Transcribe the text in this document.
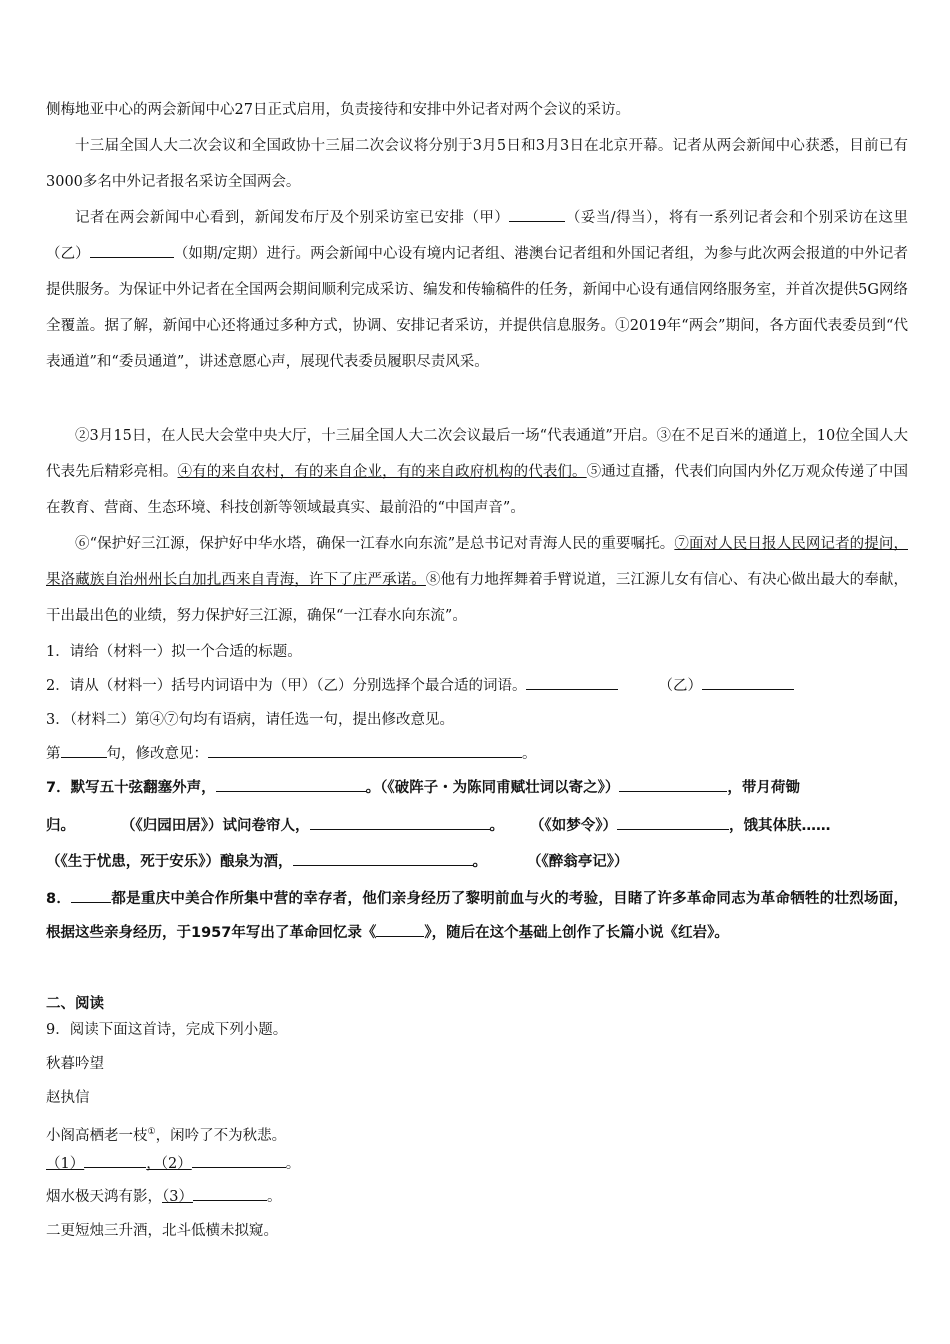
侧梅地亚中心的两会新闻中心27日正式启用，负责接待和安排中外记者对两个会议的采访。

十三届全国人大二次会议和全国政协十三届二次会议将分别于3月5日和3月3日在北京开幕。记者从两会新闻中心获悉，目前已有3000多名中外记者报名采访全国两会。

记者在两会新闻中心看到，新闻发布厅及个别采访室已安排（甲）	（妥当/得当），将有一系列记者会和个别采访在这里（乙）	（如期/定期）进行。两会新闻中心设有境内记者组、港澳台记者组和外国记者组，为参与此次两会报道的中外记者提供服务。为保证中外记者在全国两会期间顺利完成采访、编发和传输稿件的任务，新闻中心设有通信网络服务室，并首次提供5G网络全覆盖。据了解，新闻中心还将通过多种方式，协调、安排记者采访，并提供信息服务。①2019年“两会”期间，各方面代表委员到“代表通道”和“委员通道”，讲述意愿心声，展现代表委员履职尽责风采。

②3月15日，在人民大会堂中央大厅，十三届全国人大二次会议最后一场“代表通道”开启。③在不足百米的通道上，10位全国人大代表先后精彩亮相。④有的来自农村，有的来自企业，有的来自政府机构的代表们。⑤通过直播，代表们向国内外亿万观众传递了中国在教育、营商、生态环境、科技创新等领域最真实、最前沿的“中国声音”。

⑥“保护好三江源，保护好中华水塔，确保一江春水向东流”是总书记对青海人民的重要嘱托。⑦面对人民日报人民网记者的提问，果洛藏族自治州州长白加扎西来自青海，许下了庄严承诺。⑧他有力地挥舞着手臂说道，三江源儿女有信心、有决心做出最大的奉献，干出最出色的业绩，努力保护好三江源，确保“一江春水向东流”。

1．请给（材料一）拟一个合适的标题。

2．请从（材料一）括号内词语中为（甲）（乙）分别选择个最合适的词语。	（乙）

3．（材料二）第④⑦句均有语病，请任选一句，提出修改意见。

第	句，修改意见：	。

7．默写五十弦翻塞外声，	。（《破阵子・为陈同甫赋壮词以寄之》）	，带月荷锄

归。	（《归园田居》）试问卷帘人，	。 （《如梦令》）	，饿其体肤……

（《生于忧患，死于安乐》）酿泉为酒，	。	（《醉翁亭记》）

8．	都是重庆中美合作所集中营的幸存者，他们亲身经历了黎明前血与火的考验，目睹了许多革命同志为革命牺牲的壮烈场面，根据这些亲身经历，于1957年写出了革命回忆录《	》，随后在这个基础上创作了长篇小说《红岩》。

二、阅读

9．阅读下面这首诗，完成下列小题。

秋暮吟望

赵执信

小阁高栖老一枝①，闲吟了不为秋悲。

（1）	，（2）	。

烟水极天鸿有影，（3）	。

二更短烛三升酒，北斗低横未拟窥。
